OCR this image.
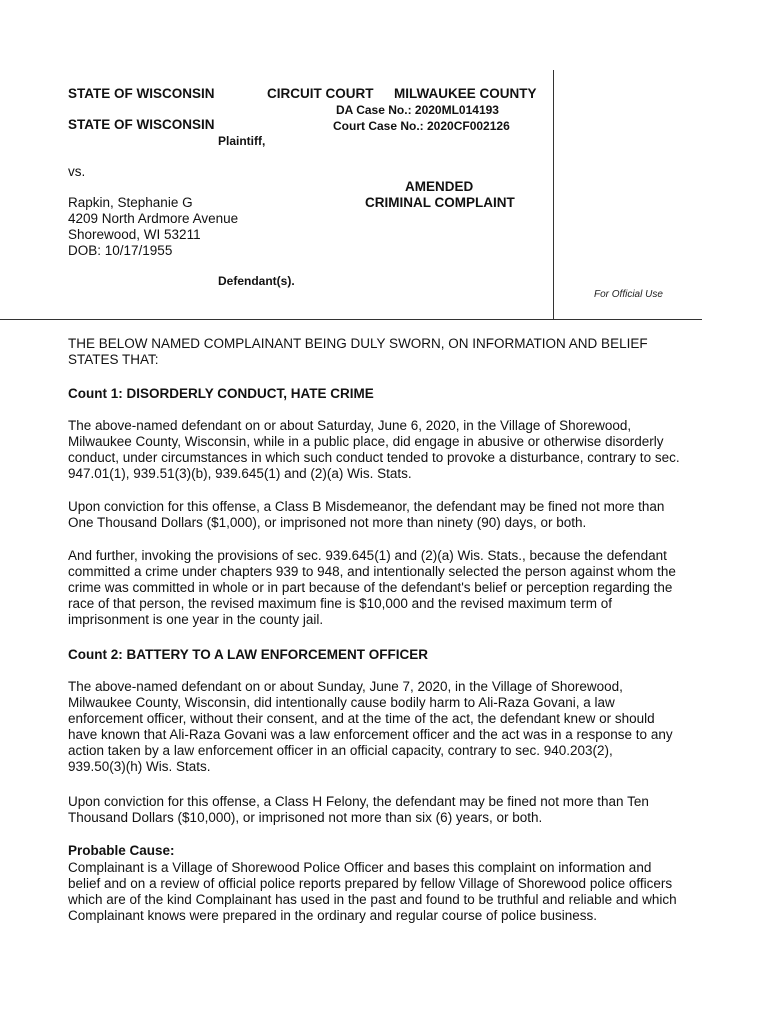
STATE OF WISCONSIN	CIRCUIT COURT MILWAUKEE COUNTY
DA Case No.: 2020ML014193
Court Case No.: 2020CF002126
STATE OF WISCONSIN
Plaintiff,
vs.
AMENDED
CRIMINAL COMPLAINT
Rapkin, Stephanie G
4209 North Ardmore Avenue
Shorewood, WI 53211
DOB: 10/17/1955
Defendant(s).
For Official Use
THE BELOW NAMED COMPLAINANT BEING DULY SWORN, ON INFORMATION AND BELIEF
STATES THAT:
Count 1: DISORDERLY CONDUCT, HATE CRIME
The above-named defendant on or about Saturday, June 6, 2020, in the Village of Shorewood,
Milwaukee County, Wisconsin, while in a public place, did engage in abusive or otherwise disorderly
conduct, under circumstances in which such conduct tended to provoke a disturbance, contrary to sec.
947.01(1), 939.51(3)(b), 939.645(1) and (2)(a) Wis. Stats.
Upon conviction for this offense, a Class B Misdemeanor, the defendant may be fined not more than
One Thousand Dollars ($1,000), or imprisoned not more than ninety (90) days, or both.
And further, invoking the provisions of sec. 939.645(1) and (2)(a) Wis. Stats., because the defendant
committed a crime under chapters 939 to 948, and intentionally selected the person against whom the
crime was committed in whole or in part because of the defendant's belief or perception regarding the
race of that person, the revised maximum fine is $10,000 and the revised maximum term of
imprisonment is one year in the county jail.
Count 2: BATTERY TO A LAW ENFORCEMENT OFFICER
The above-named defendant on or about Sunday, June 7, 2020, in the Village of Shorewood,
Milwaukee County, Wisconsin, did intentionally cause bodily harm to Ali-Raza Govani, a law
enforcement officer, without their consent, and at the time of the act, the defendant knew or should
have known that Ali-Raza Govani was a law enforcement officer and the act was in a response to any
action taken by a law enforcement officer in an official capacity, contrary to sec. 940.203(2),
939.50(3)(h) Wis. Stats.
Upon conviction for this offense, a Class H Felony, the defendant may be fined not more than Ten
Thousand Dollars ($10,000), or imprisoned not more than six (6) years, or both.
Probable Cause:
Complainant is a Village of Shorewood Police Officer and bases this complaint on information and
belief and on a review of official police reports prepared by fellow Village of Shorewood police officers
which are of the kind Complainant has used in the past and found to be truthful and reliable and which
Complainant knows were prepared in the ordinary and regular course of police business.
